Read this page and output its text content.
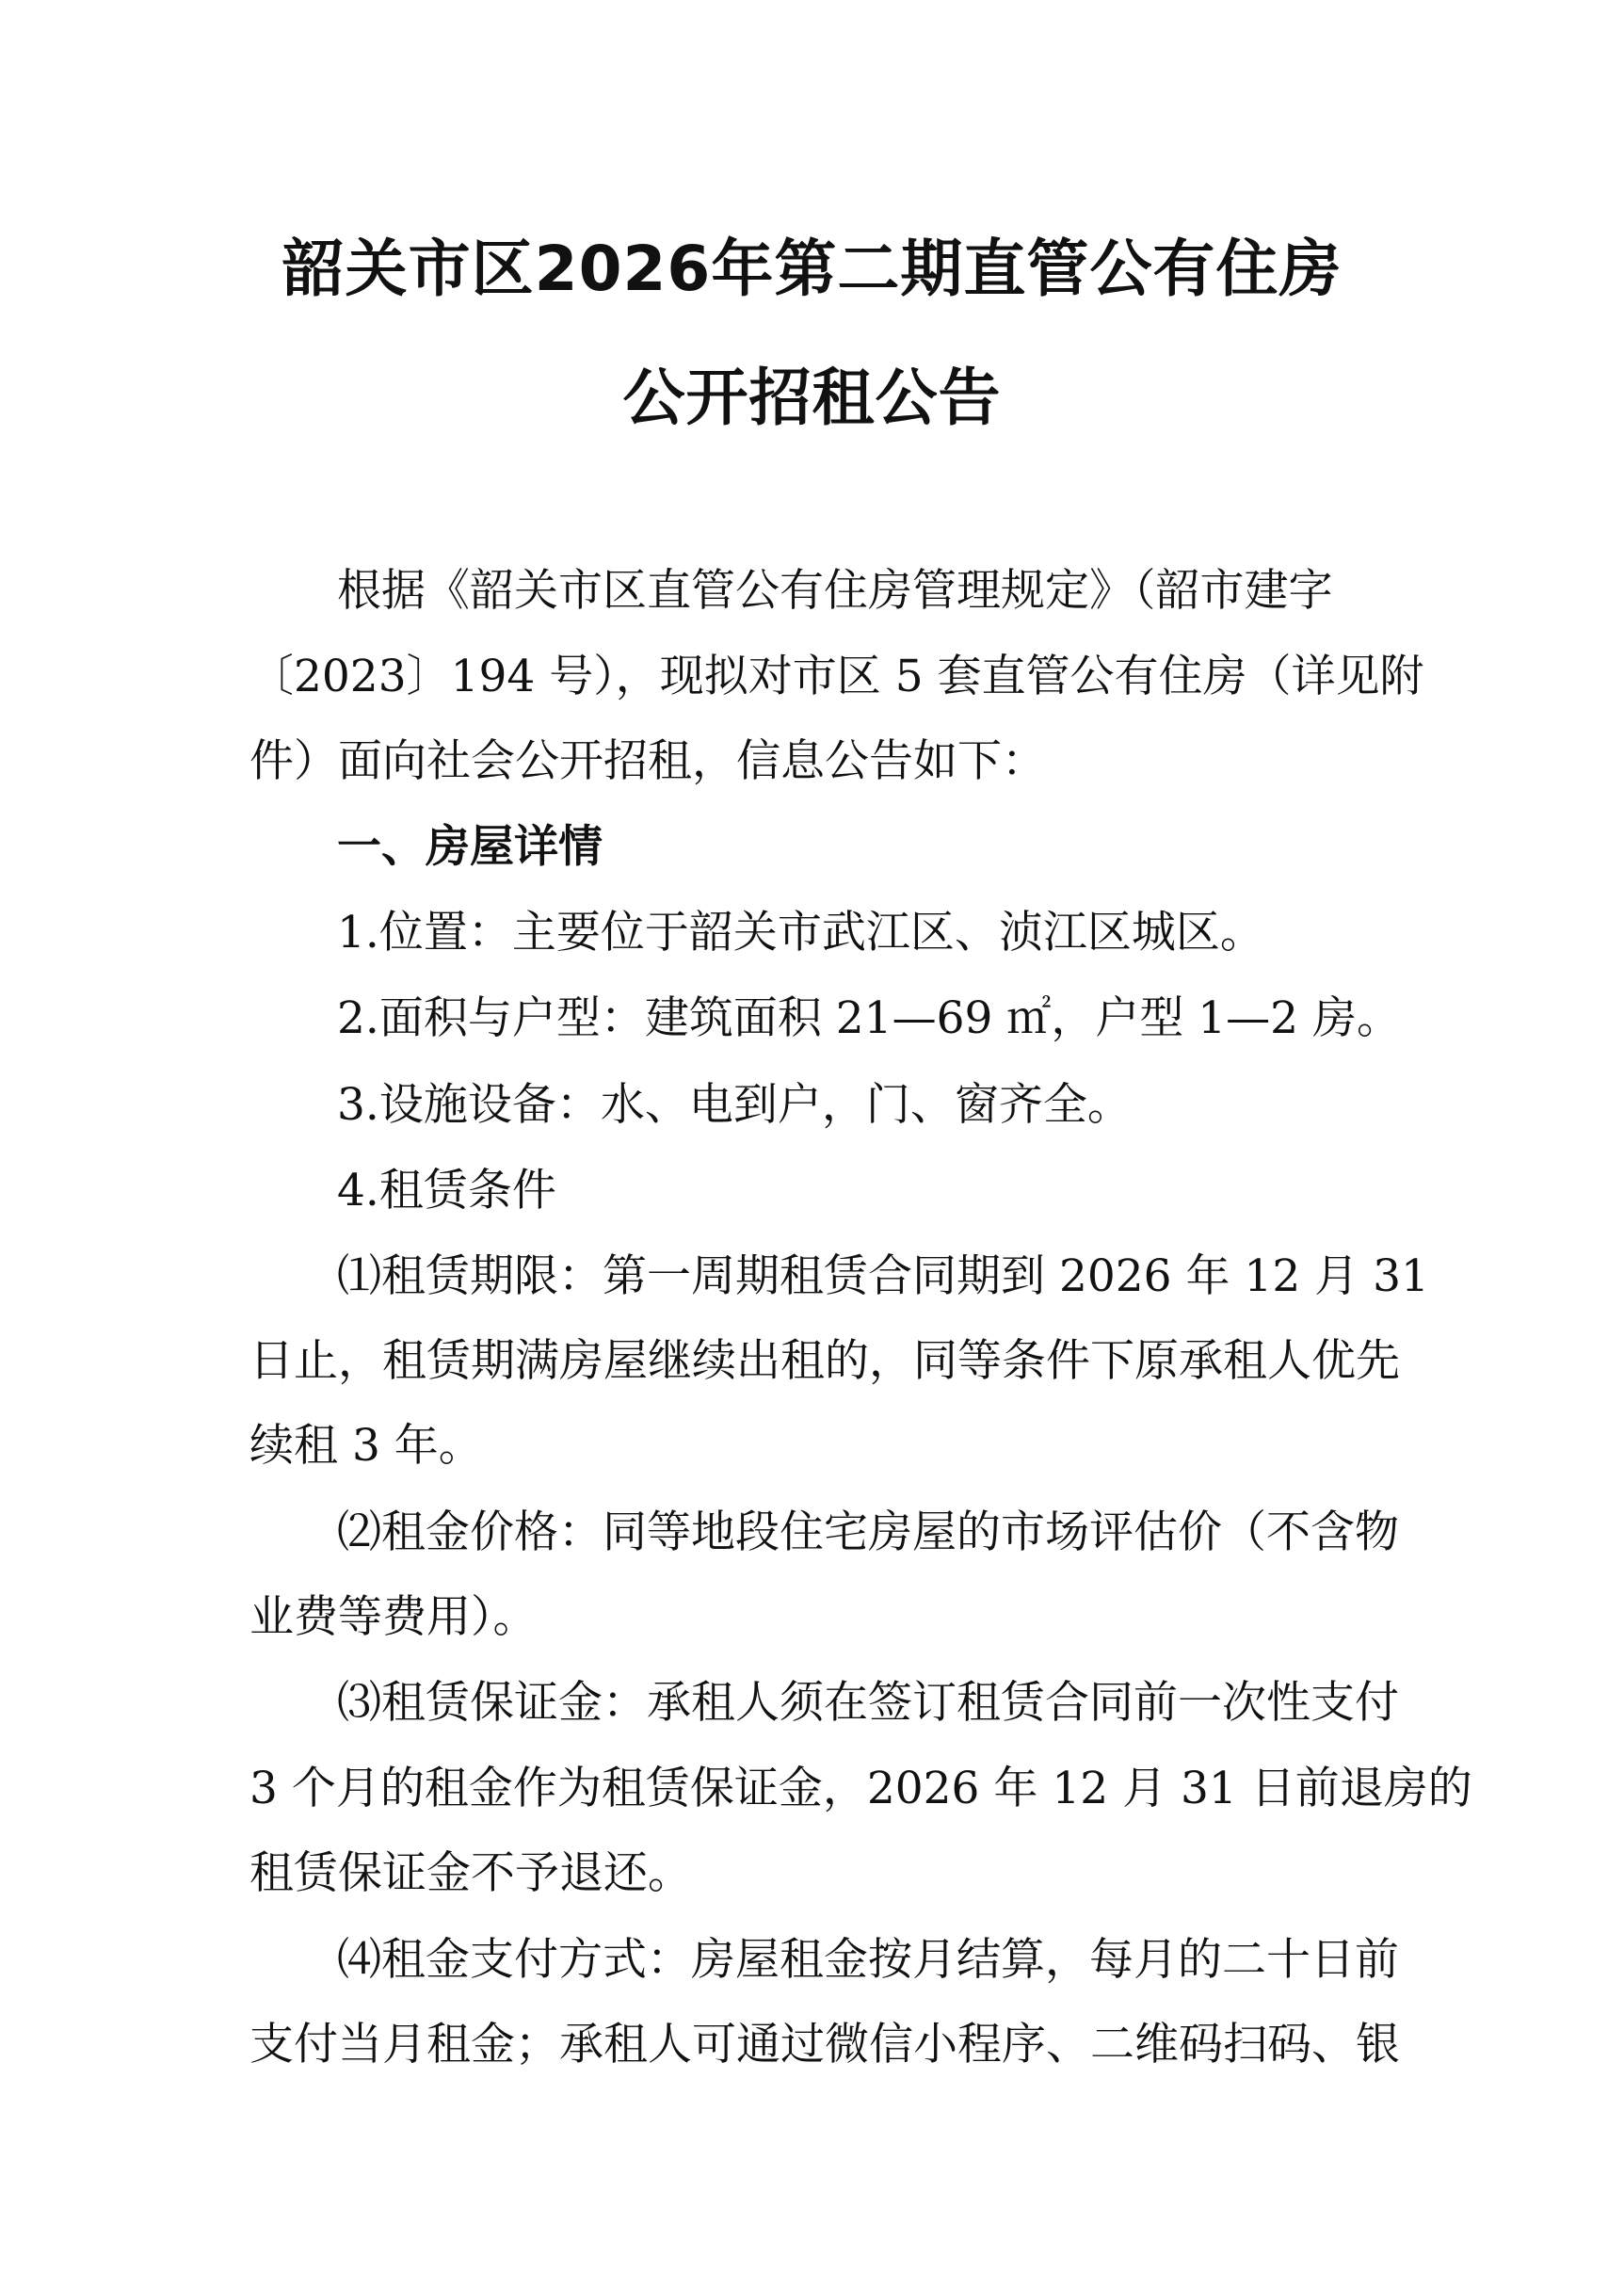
韶关市区2026年第二期直管公有住房
公开招租公告
根据《韶关市区直管公有住房管理规定》（韶市建字
〔2023〕194 号），现拟对市区 5 套直管公有住房（详见附
件）面向社会公开招租，信息公告如下：
一、房屋详情
1.位置：主要位于韶关市武江区、浈江区城区。
2.面积与户型：建筑面积 21—69 ㎡，户型 1—2 房。
3.设施设备：水、电到户，门、窗齐全。
4.租赁条件
⑴租赁期限：第一周期租赁合同期到 2026 年 12 月 31
日止，租赁期满房屋继续出租的，同等条件下原承租人优先
续租 3 年。
⑵租金价格：同等地段住宅房屋的市场评估价（不含物
业费等费用）。
⑶租赁保证金：承租人须在签订租赁合同前一次性支付
3 个月的租金作为租赁保证金，2026 年 12 月 31 日前退房的
租赁保证金不予退还。
⑷租金支付方式：房屋租金按月结算，每月的二十日前
支付当月租金；承租人可通过微信小程序、二维码扫码、银
